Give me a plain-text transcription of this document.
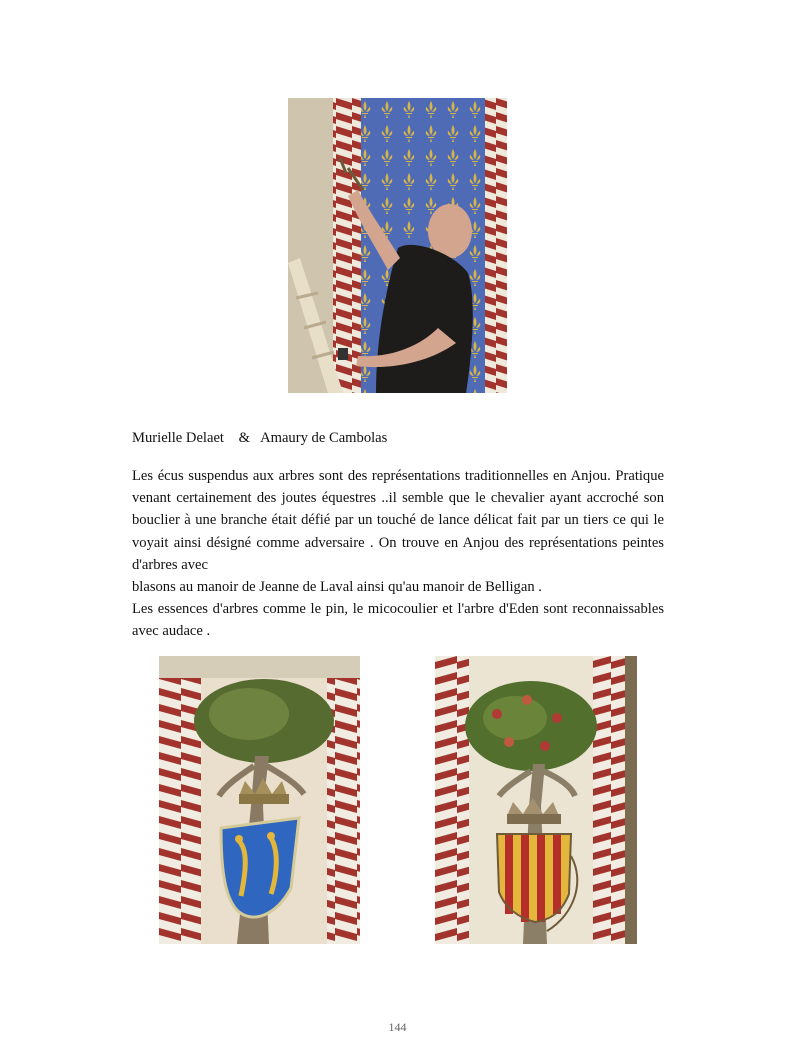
Murielle Delaet    &   Amaury de Cambolas

Les écus suspendus aux arbres sont des représentations traditionnelles en Anjou. Pratique venant certainement des joutes équestres ..il semble que le chevalier ayant accroché son bouclier à une branche était défié par un touché de lance délicat fait par un tiers ce qui le voyait ainsi désigné comme adversaire . On trouve en Anjou des représentations peintes d'arbres avec

blasons au manoir de Jeanne de Laval ainsi qu'au manoir de Belligan .

Les essences d'arbres comme le pin, le micocoulier et l'arbre d'Eden sont reconnaissables avec audace .

144
